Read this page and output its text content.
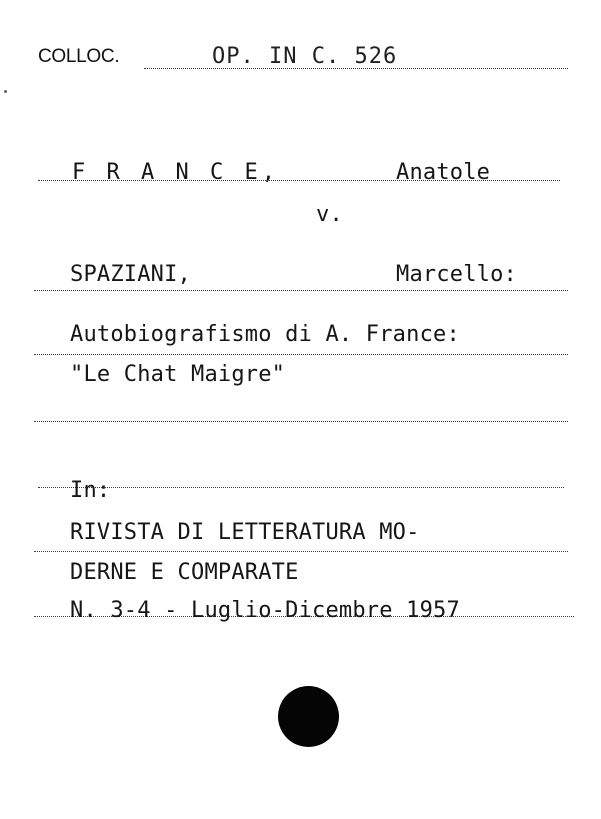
COLLOC.	OP. IN C. 526
F R A N C E,	Anatole
v.
SPAZIANI,	Marcello:
Autobiografismo di A. France:
"Le Chat Maigre"
In:
RIVISTA DI LETTERATURA MO-
DERNE E COMPARATE
N. 3-4 - Luglio-Dicembre 1957
